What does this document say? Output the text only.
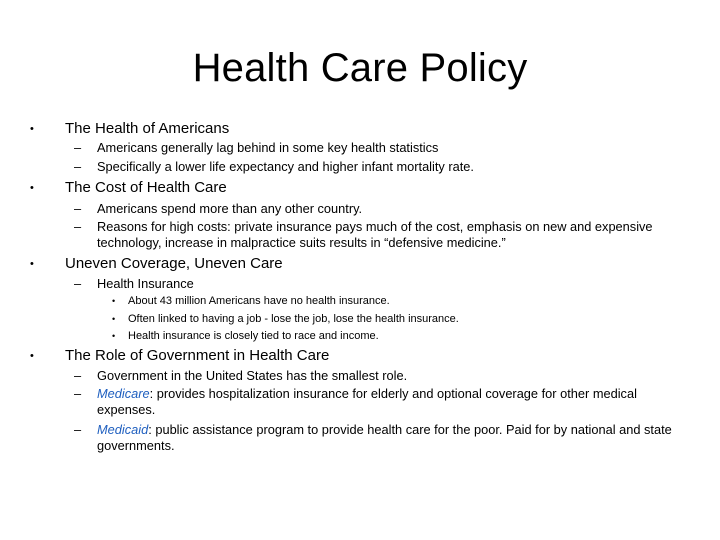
Health Care Policy
• The Health of Americans
– Americans generally lag behind in some key health statistics
– Specifically a lower life expectancy and higher infant mortality rate.
• The Cost of Health Care
– Americans spend more than any other country.
– Reasons for high costs: private insurance pays much of the cost, emphasis on new and expensive technology, increase in malpractice suits results in “defensive medicine.”
• Uneven Coverage, Uneven Care
– Health Insurance
• About 43 million Americans have no health insurance.
• Often linked to having a job - lose the job, lose the health insurance.
• Health insurance is closely tied to race and income.
• The Role of Government in Health Care
– Government in the United States has the smallest role.
– Medicare: provides hospitalization insurance for elderly and optional coverage for other medical expenses.
– Medicaid: public assistance program to provide health care for the poor. Paid for by national and state governments.
